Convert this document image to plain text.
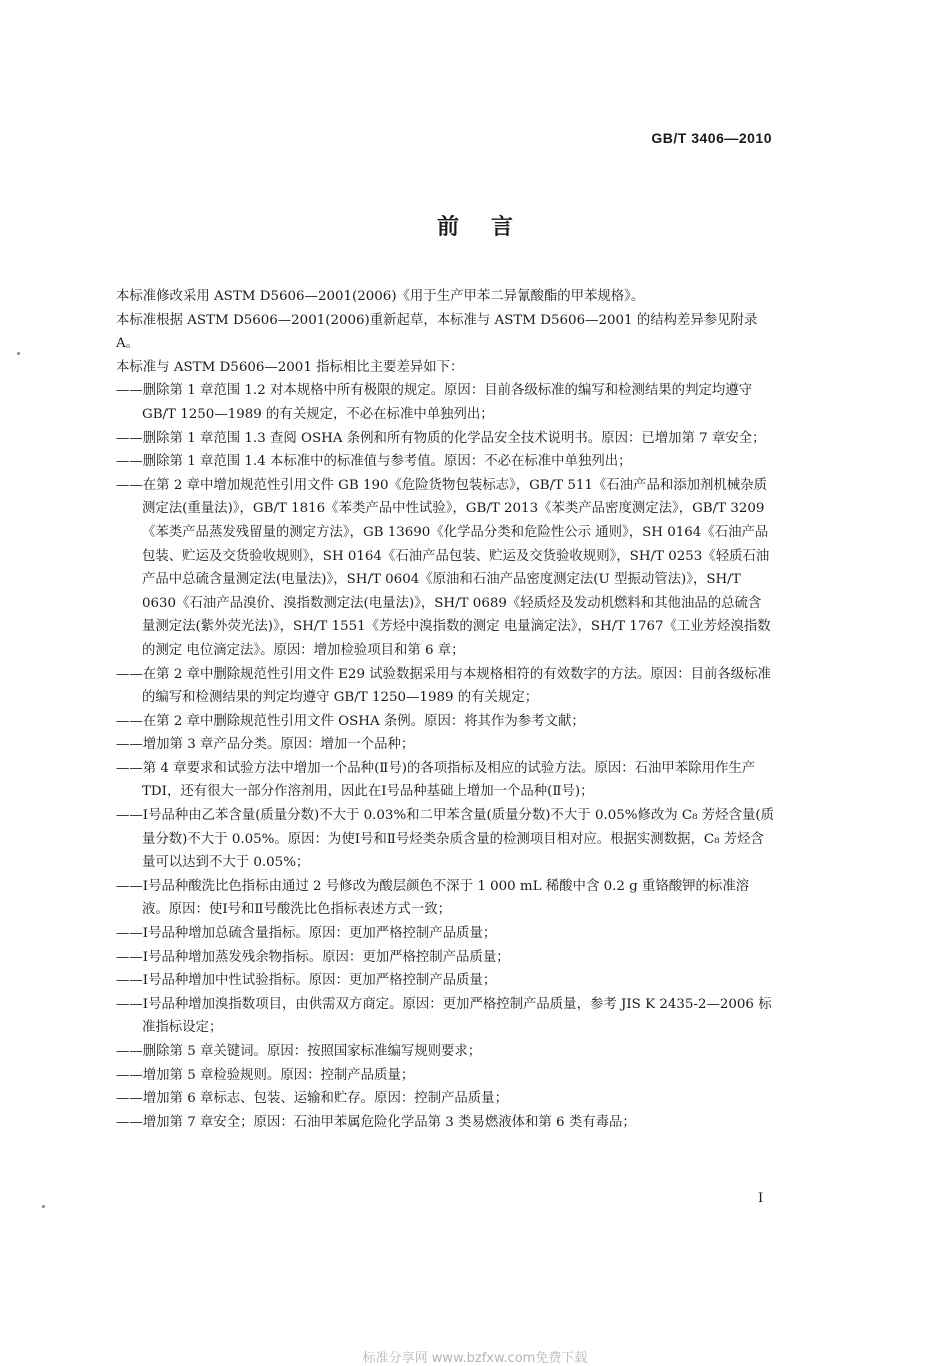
GB/T 3406—2010
前言

本标准修改采用 ASTM D5606—2001(2006)《用于生产甲苯二异氰酸酯的甲苯规格》。

本标准根据 ASTM D5606—2001(2006)重新起草，本标准与 ASTM D5606—2001 的结构差异参见附录 A。

本标准与 ASTM D5606—2001 指标相比主要差异如下：

——删除第 1 章范围 1.2 对本规格中所有极限的规定。原因：目前各级标准的编写和检测结果的判定均遵守 GB/T 1250—1989 的有关规定，不必在标准中单独列出；

——删除第 1 章范围 1.3 查阅 OSHA 条例和所有物质的化学品安全技术说明书。原因：已增加第 7 章安全；

——删除第 1 章范围 1.4 本标准中的标准值与参考值。原因：不必在标准中单独列出；

——在第 2 章中增加规范性引用文件 GB 190《危险货物包装标志》，GB/T 511《石油产品和添加剂机械杂质测定法(重量法)》，GB/T 1816《苯类产品中性试验》，GB/T 2013《苯类产品密度测定法》，GB/T 3209《苯类产品蒸发残留量的测定方法》，GB 13690《化学品分类和危险性公示 通则》，SH 0164《石油产品包装、贮运及交货验收规则》，SH 0164《石油产品包装、贮运及交货验收规则》，SH/T 0253《轻质石油产品中总硫含量测定法(电量法)》，SH/T 0604《原油和石油产品密度测定法(U 型振动管法)》，SH/T 0630《石油产品溴价、溴指数测定法(电量法)》，SH/T 0689《轻质烃及发动机燃料和其他油品的总硫含量测定法(紫外荧光法)》，SH/T 1551《芳烃中溴指数的测定 电量滴定法》，SH/T 1767《工业芳烃溴指数的测定 电位滴定法》。原因：增加检验项目和第 6 章；

——在第 2 章中删除规范性引用文件 E29 试验数据采用与本规格相符的有效数字的方法。原因：目前各级标准的编写和检测结果的判定均遵守 GB/T 1250—1989 的有关规定；

——在第 2 章中删除规范性引用文件 OSHA 条例。原因：将其作为参考文献；

——增加第 3 章产品分类。原因：增加一个品种；

——第 4 章要求和试验方法中增加一个品种(Ⅱ号)的各项指标及相应的试验方法。原因：石油甲苯除用作生产 TDI，还有很大一部分作溶剂用，因此在Ⅰ号品种基础上增加一个品种(Ⅱ号)；

——Ⅰ号品种由乙苯含量(质量分数)不大于 0.03%和二甲苯含量(质量分数)不大于 0.05%修改为 C₈ 芳烃含量(质量分数)不大于 0.05%。原因：为使Ⅰ号和Ⅱ号烃类杂质含量的检测项目相对应。根据实测数据，C₈ 芳烃含量可以达到不大于 0.05%；

——Ⅰ号品种酸洗比色指标由通过 2 号修改为酸层颜色不深于 1 000 mL 稀酸中含 0.2 g 重铬酸钾的标准溶液。原因：使Ⅰ号和Ⅱ号酸洗比色指标表述方式一致；

——Ⅰ号品种增加总硫含量指标。原因：更加严格控制产品质量；

——Ⅰ号品种增加蒸发残余物指标。原因：更加严格控制产品质量；

——Ⅰ号品种增加中性试验指标。原因：更加严格控制产品质量；

——Ⅰ号品种增加溴指数项目，由供需双方商定。原因：更加严格控制产品质量，参考 JIS K 2435-2—2006 标准指标设定；

——删除第 5 章关键词。原因：按照国家标准编写规则要求；

——增加第 5 章检验规则。原因：控制产品质量；

——增加第 6 章标志、包装、运输和贮存。原因：控制产品质量；

——增加第 7 章安全；原因：石油甲苯属危险化学品第 3 类易燃液体和第 6 类有毒品；

I
标准分享网 www.bzfxw.com免费下载
